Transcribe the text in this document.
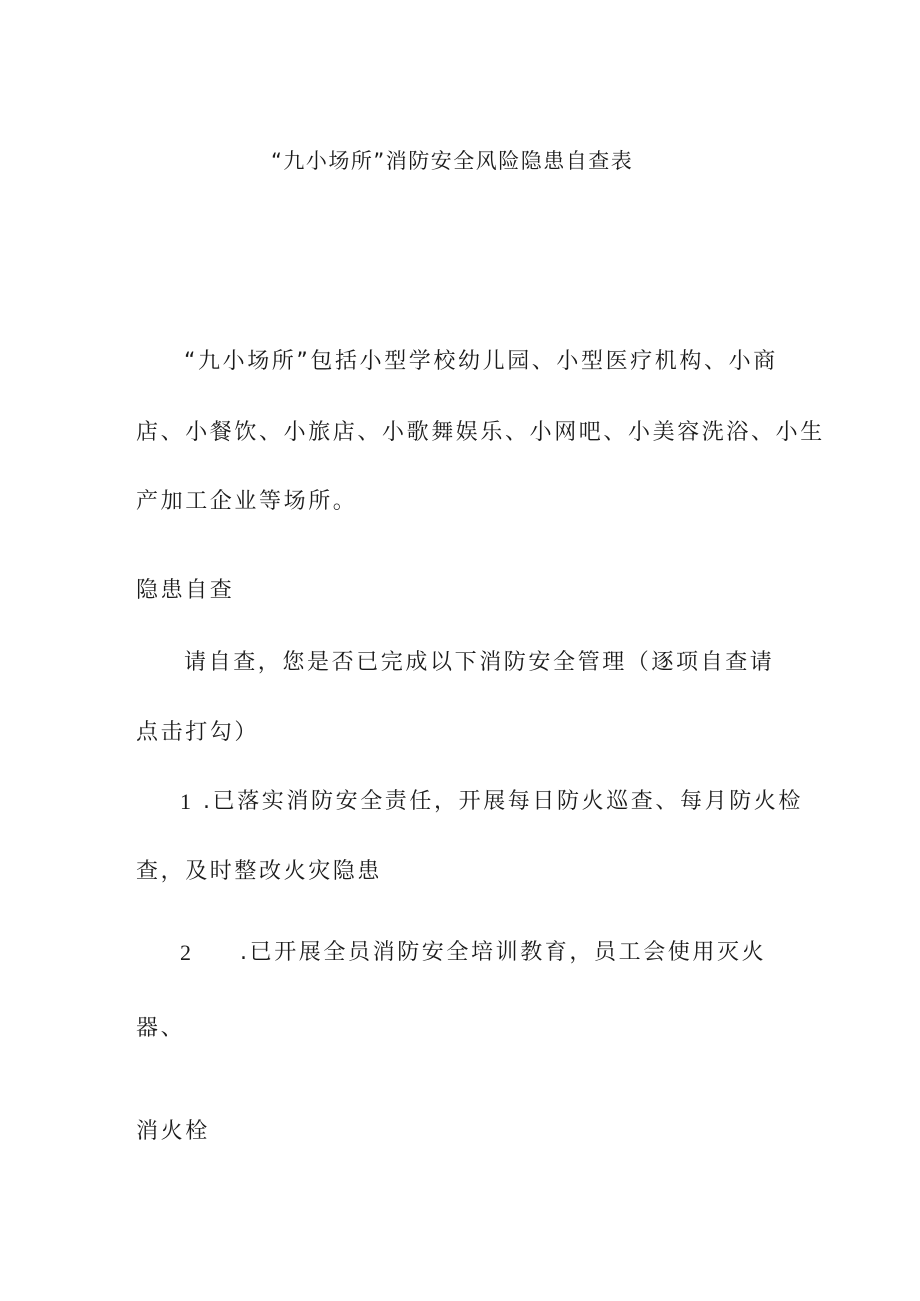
“九小场所”消防安全风险隐患自查表
“九小场所”包括小型学校幼儿园、小型医疗机构、小商
店、小餐饮、小旅店、小歌舞娱乐、小网吧、小美容洗浴、小生
产加工企业等场所。
隐患自查
请自查，您是否已完成以下消防安全管理（逐项自查请
点击打勾）
1 .已落实消防安全责任，开展每日防火巡查、每月防火检
查，及时整改火灾隐患
2 .已开展全员消防安全培训教育，员工会使用灭火
器、
消火栓
